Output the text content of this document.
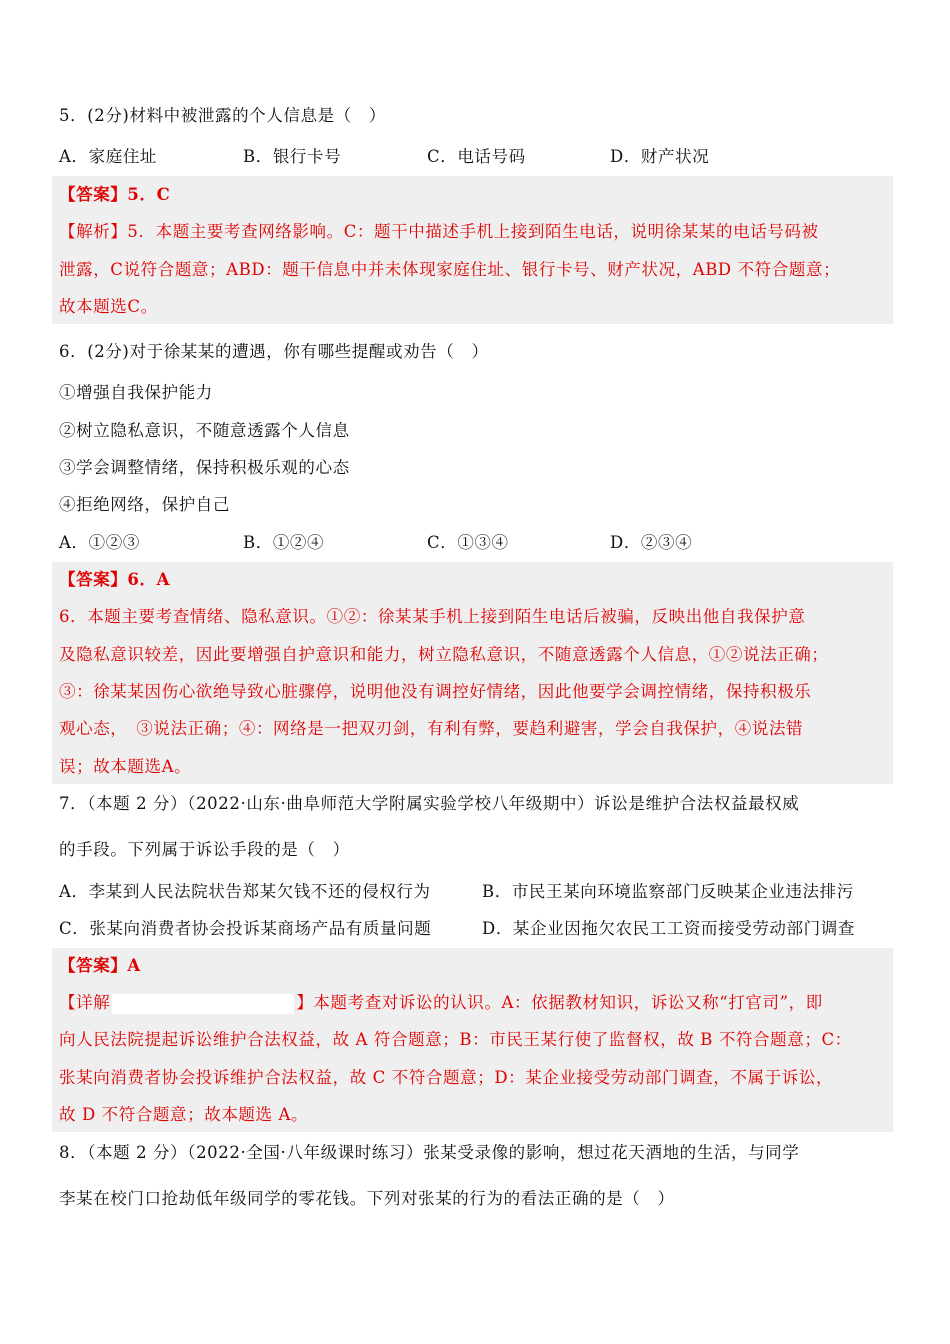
5．(2分)材料中被泄露的个人信息是（　）
A．家庭住址	B．银行卡号	C．电话号码	D．财产状况
【答案】5．C
【解析】5．本题主要考查网络影响。C：题干中描述手机上接到陌生电话，说明徐某某的电话号码被
泄露，C说符合题意；ABD：题干信息中并未体现家庭住址、银行卡号、财产状况，ABD 不符合题意；
故本题选C。
6．(2分)对于徐某某的遭遇，你有哪些提醒或劝告（　）
①增强自我保护能力
②树立隐私意识，不随意透露个人信息
③学会调整情绪，保持积极乐观的心态
④拒绝网络，保护自己
A．①②③	B．①②④	C．①③④	D．②③④
【答案】6．A
6．本题主要考查情绪、隐私意识。①②：徐某某手机上接到陌生电话后被骗，反映出他自我保护意
及隐私意识较差，因此要增强自护意识和能力，树立隐私意识，不随意透露个人信息，①②说法正确；
③：徐某某因伤心欲绝导致心脏骤停，说明他没有调控好情绪，因此他要学会调控情绪，保持积极乐
观心态，　③说法正确；④：网络是一把双刃剑，有利有弊，要趋利避害，学会自我保护，④说法错
误；故本题选A。
7．（本题 2 分）（2022·山东·曲阜师范大学附属实验学校八年级期中）诉讼是维护合法权益最权威
的手段。下列属于诉讼手段的是（　）
A．李某到人民法院状告郑某欠钱不还的侵权行为	B．市民王某向环境监察部门反映某企业违法排污
C．张某向消费者协会投诉某商场产品有质量问题	D．某企业因拖欠农民工工资而接受劳动部门调查
【答案】A
【详解	】本题考查对诉讼的认识。A：依据教材知识，诉讼又称“打官司”，即
向人民法院提起诉讼维护合法权益，故 A 符合题意；B：市民王某行使了监督权，故 B 不符合题意；C：
张某向消费者协会投诉维护合法权益，故 C 不符合题意；D：某企业接受劳动部门调查，不属于诉讼，
故 D 不符合题意；故本题选 A。
8．（本题 2 分）（2022·全国·八年级课时练习）张某受录像的影响，想过花天酒地的生活，与同学
李某在校门口抢劫低年级同学的零花钱。下列对张某的行为的看法正确的是（　）
